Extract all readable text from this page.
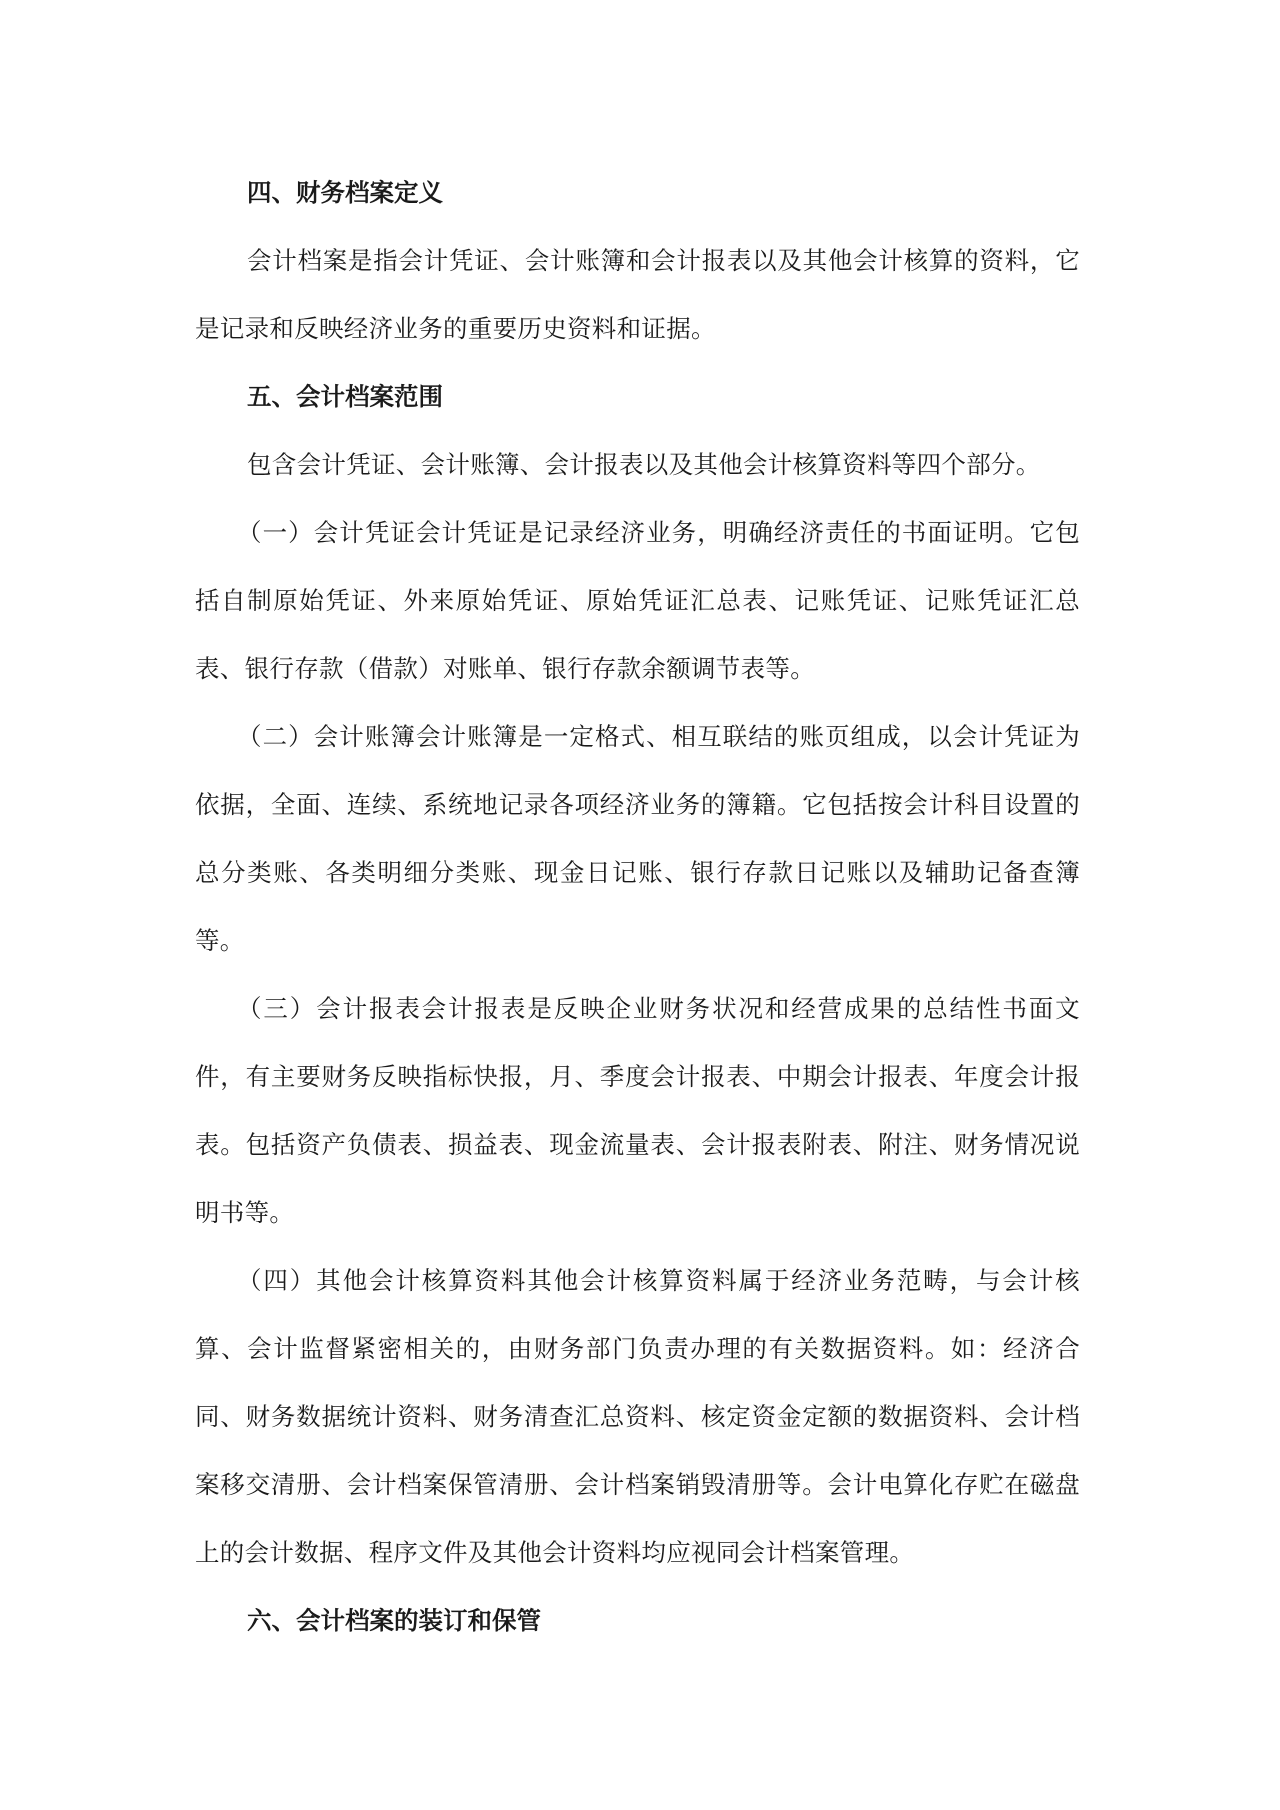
四、财务档案定义

会计档案是指会计凭证、会计账簿和会计报表以及其他会计核算的资料，它是记录和反映经济业务的重要历史资料和证据。

五、会计档案范围

包含会计凭证、会计账簿、会计报表以及其他会计核算资料等四个部分。

（一）会计凭证会计凭证是记录经济业务，明确经济责任的书面证明。它包括自制原始凭证、外来原始凭证、原始凭证汇总表、记账凭证、记账凭证汇总表、银行存款（借款）对账单、银行存款余额调节表等。

（二）会计账簿会计账簿是一定格式、相互联结的账页组成，以会计凭证为依据，全面、连续、系统地记录各项经济业务的簿籍。它包括按会计科目设置的总分类账、各类明细分类账、现金日记账、银行存款日记账以及辅助记备查簿等。

（三）会计报表会计报表是反映企业财务状况和经营成果的总结性书面文件，有主要财务反映指标快报，月、季度会计报表、中期会计报表、年度会计报表。包括资产负债表、损益表、现金流量表、会计报表附表、附注、财务情况说明书等。

（四）其他会计核算资料其他会计核算资料属于经济业务范畴，与会计核算、会计监督紧密相关的，由财务部门负责办理的有关数据资料。如：经济合同、财务数据统计资料、财务清查汇总资料、核定资金定额的数据资料、会计档案移交清册、会计档案保管清册、会计档案销毁清册等。会计电算化存贮在磁盘上的会计数据、程序文件及其他会计资料均应视同会计档案管理。

六、会计档案的装订和保管
